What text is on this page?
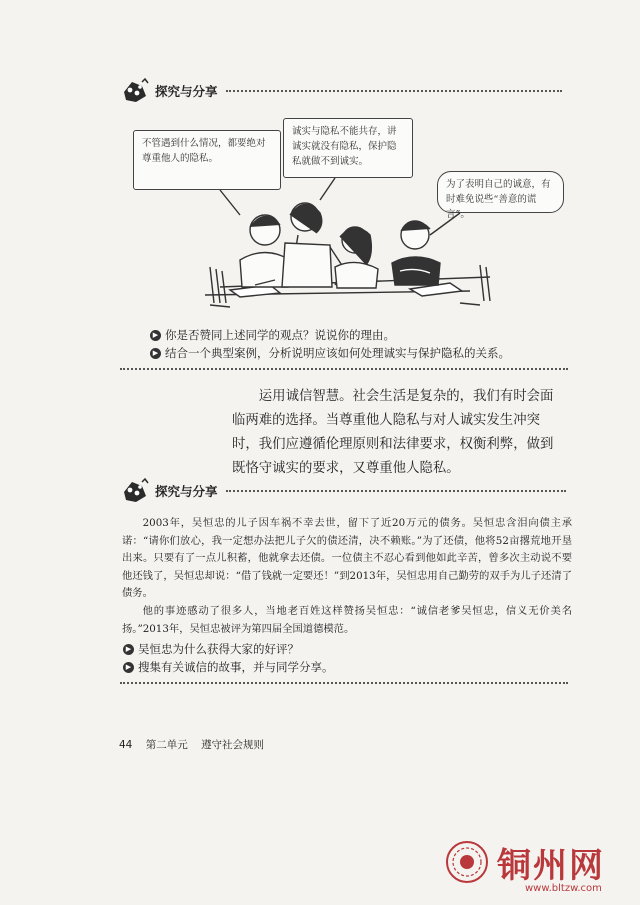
探究与分享
不管遇到什么情况，都要绝对尊重他人的隐私。
诚实与隐私不能共存，讲诚实就没有隐私，保护隐私就做不到诚实。
为了表明自己的诚意，有时难免说些“善意的谎言”。
▶ 你是否赞同上述同学的观点？说说你的理由。
▶ 结合一个典型案例，分析说明应该如何处理诚实与保护隐私的关系。
运用诚信智慧。社会生活是复杂的，我们有时会面临两难的选择。当尊重他人隐私与对人诚实发生冲突时，我们应遵循伦理原则和法律要求，权衡利弊，做到既恪守诚实的要求，又尊重他人隐私。
探究与分享

2003年，吴恒忠的儿子因车祸不幸去世，留下了近20万元的债务。吴恒忠含泪向债主承诺：“请你们放心，我一定想办法把儿子欠的债还清，决不赖账。”为了还债，他将52亩撂荒地开垦出来。只要有了一点儿积蓄，他就拿去还债。一位债主不忍心看到他如此辛苦，曾多次主动说不要他还钱了，吴恒忠却说：“借了钱就一定要还！”到2013年，吴恒忠用自己勤劳的双手为儿子还清了债务。

他的事迹感动了很多人，当地老百姓这样赞扬吴恒忠：“诚信老爹吴恒忠，信义无价美名扬。”2013年，吴恒忠被评为第四届全国道德模范。

▶ 吴恒忠为什么获得大家的好评？
▶ 搜集有关诚信的故事，并与同学分享。
44 第二单元 遵守社会规则
铜州网
www.bltzw.com
